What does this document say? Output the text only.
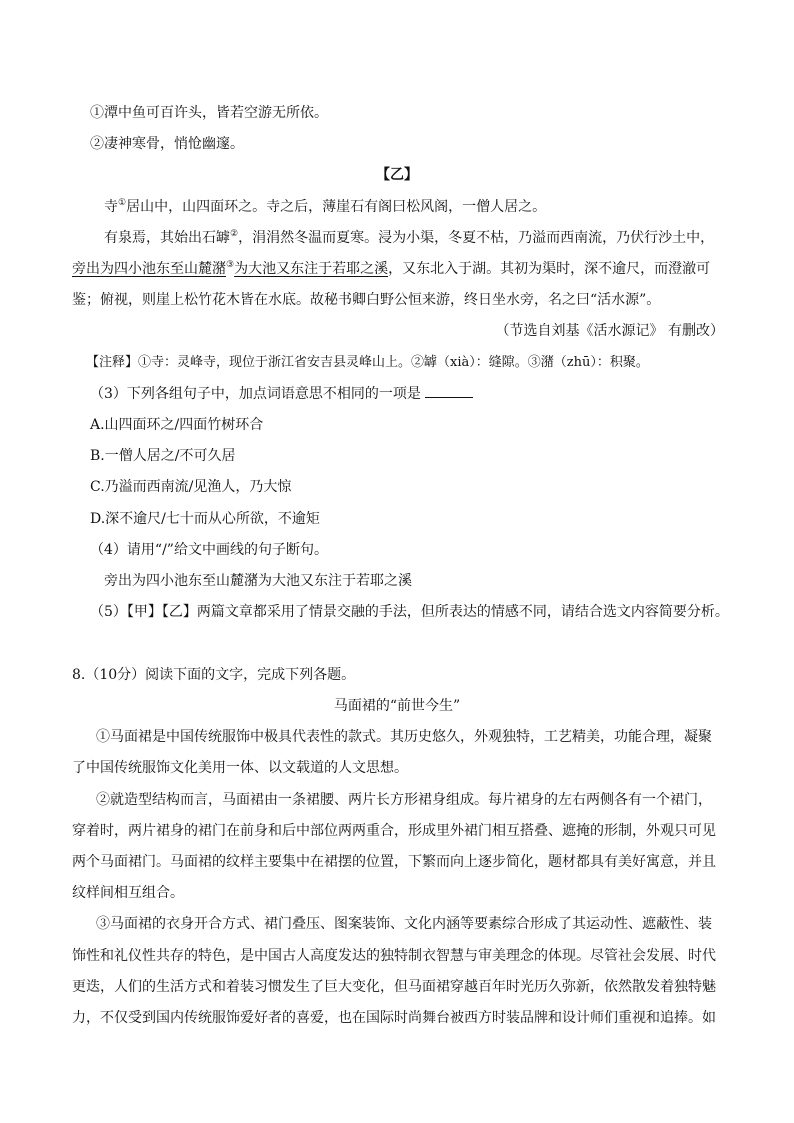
①潭中鱼可百许头，皆若空游无所依。
②凄神寒骨，悄怆幽邃。
【乙】
寺①居山中，山四面环之。寺之后，薄崖石有阁曰松风阁，一僧人居之。
有泉焉，其始出石罅②，涓涓然冬温而夏寒。浸为小渠，冬夏不枯，乃溢而西南流，乃伏行沙土中，
旁出为四小池东至山麓潴③为大池又东注于若耶之溪，又东北入于湖。其初为渠时，深不逾尺，而澄澈可
鉴；俯视，则崖上松竹花木皆在水底。故秘书卿白野公恒来游，终日坐水旁，名之曰“活水源”。
（节选自刘基《活水源记》 有删改）
【注释】①寺：灵峰寺，现位于浙江省安吉县灵峰山上。②罅（xià）：缝隙。③潴（zhū）：积聚。
（3）下列各组句子中，加点词语意思不相同的一项是
A.山四面环之/四面竹树环合
B.一僧人居之/不可久居
C.乃溢而西南流/见渔人，乃大惊
D.深不逾尺/七十而从心所欲，不逾矩
（4）请用“/”给文中画线的句子断句。
旁出为四小池东至山麓潴为大池又东注于若耶之溪
（5）【甲】【乙】两篇文章都采用了情景交融的手法，但所表达的情感不同，请结合选文内容简要分析。
8.（10分）阅读下面的文字，完成下列各题。
马面裙的“前世今生”
①马面裙是中国传统服饰中极具代表性的款式。其历史悠久，外观独特，工艺精美，功能合理，凝聚
了中国传统服饰文化美用一体、以文载道的人文思想。
②就造型结构而言，马面裙由一条裙腰、两片长方形裙身组成。每片裙身的左右两侧各有一个裙门，
穿着时，两片裙身的裙门在前身和后中部位两两重合，形成里外裙门相互搭叠、遮掩的形制，外观只可见
两个马面裙门。马面裙的纹样主要集中在裙摆的位置，下繁而向上逐步简化，题材都具有美好寓意，并且
纹样间相互组合。
③马面裙的衣身开合方式、裙门叠压、图案装饰、文化内涵等要素综合形成了其运动性、遮蔽性、装
饰性和礼仪性共存的特色，是中国古人高度发达的独特制衣智慧与审美理念的体现。尽管社会发展、时代
更迭，人们的生活方式和着装习惯发生了巨大变化，但马面裙穿越百年时光历久弥新，依然散发着独特魅
力，不仅受到国内传统服饰爱好者的喜爱，也在国际时尚舞台被西方时装品牌和设计师们重视和追捧。如
